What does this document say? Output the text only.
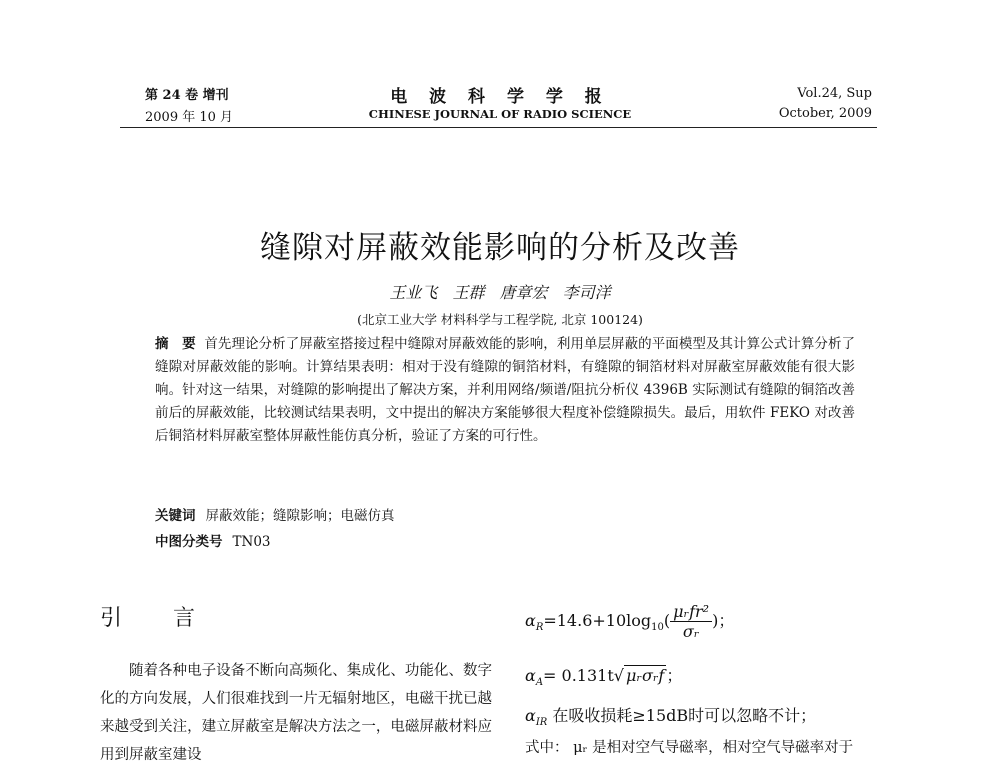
第 24 卷 增刊
2009 年 10 月
电 波 科 学 学 报
CHINESE JOURNAL OF RADIO SCIENCE
Vol.24, Sup
October, 2009
缝隙对屏蔽效能影响的分析及改善
王业飞 王群 唐章宏 李司洋
(北京工业大学 材料科学与工程学院, 北京 100124)
摘　要 首先理论分析了屏蔽室搭接过程中缝隙对屏蔽效能的影响，利用单层屏蔽的平面模型及其计算公式计算分析了缝隙对屏蔽效能的影响。计算结果表明：相对于没有缝隙的铜箔材料，有缝隙的铜箔材料对屏蔽室屏蔽效能有很大影响。针对这一结果，对缝隙的影响提出了解决方案，并利用网络/频谱/阻抗分析仪 4396B 实际测试有缝隙的铜箔改善前后的屏蔽效能，比较测试结果表明，文中提出的解决方案能够很大程度补偿缝隙损失。最后，用软件 FEKO 对改善后铜箔材料屏蔽室整体屏蔽性能仿真分析，验证了方案的可行性。
关键词 屏蔽效能；缝隙影响；电磁仿真
中图分类号 TN03
引 言
随着各种电子设备不断向高频化、集成化、功能化、数字化的方向发展，人们很难找到一片无辐射地区，电磁干扰已越来越受到关注，建立屏蔽室是解决方法之一，电磁屏蔽材料应用到屏蔽室建设
$\alpha_R=14.6+10\log_{10}( \frac{\text{μᵣfr²}}{\text{σᵣ}}$ )；
$\alpha_A= 0.131t√$ μᵣσᵣf ；
$\alpha_{IR}$ 在吸收损耗≥15dB时可以忽略不计；
式中： μᵣ 是相对空气导磁率，相对空气导磁率对于
